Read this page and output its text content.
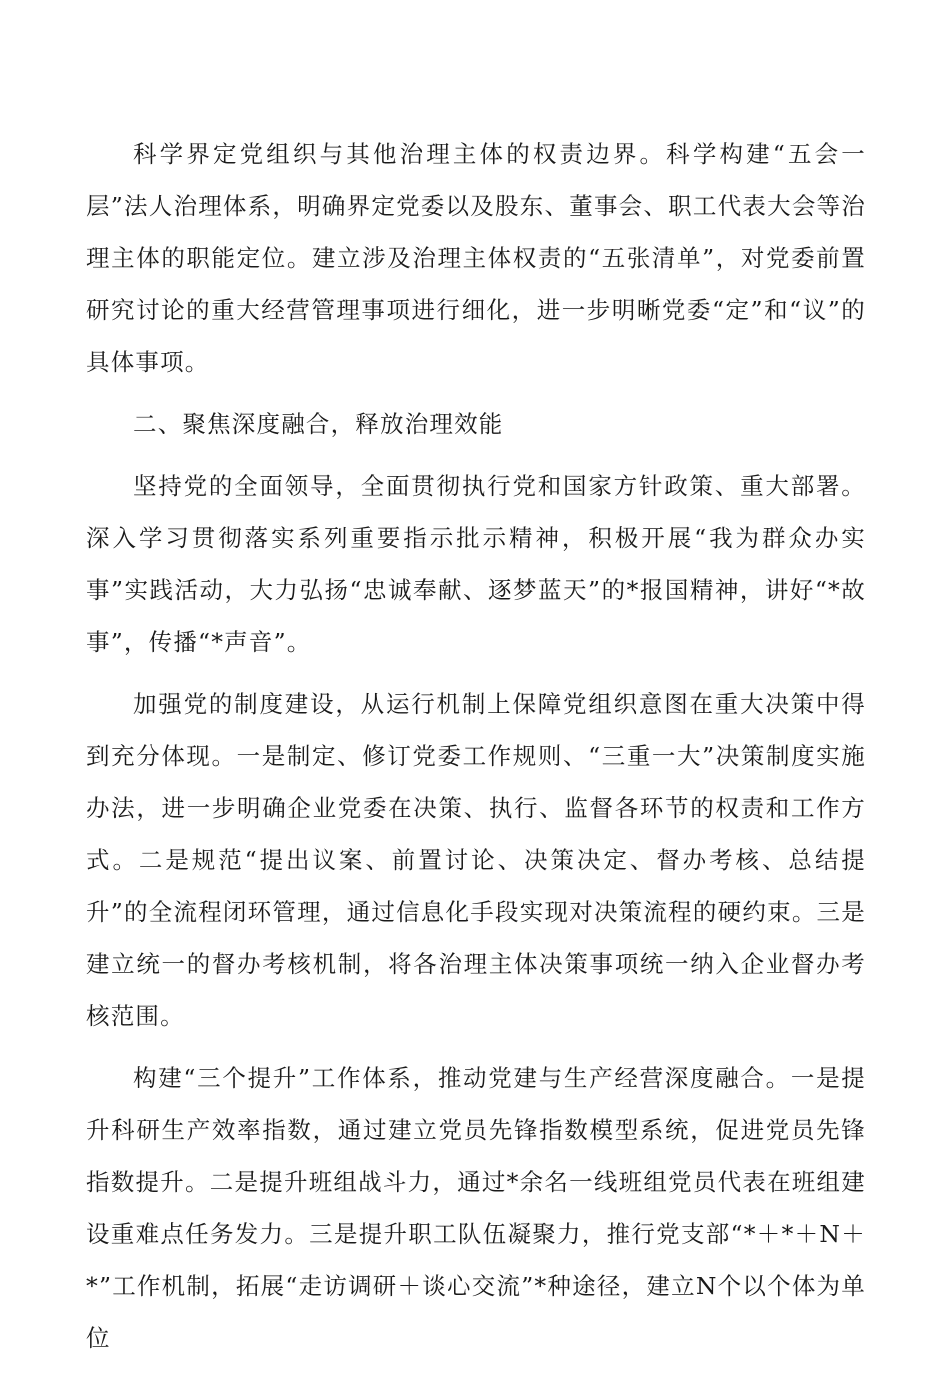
科学界定党组织与其他治理主体的权责边界。科学构建“五会一层”法人治理体系，明确界定党委以及股东、董事会、职工代表大会等治理主体的职能定位。建立涉及治理主体权责的“五张清单”，对党委前置研究讨论的重大经营管理事项进行细化，进一步明晰党委“定”和“议”的具体事项。

二、聚焦深度融合，释放治理效能

坚持党的全面领导，全面贯彻执行党和国家方针政策、重大部署。深入学习贯彻落实系列重要指示批示精神，积极开展“我为群众办实事”实践活动，大力弘扬“忠诚奉献、逐梦蓝天”的*报国精神，讲好“*故事”，传播“*声音”。

加强党的制度建设，从运行机制上保障党组织意图在重大决策中得到充分体现。一是制定、修订党委工作规则、“三重一大”决策制度实施办法，进一步明确企业党委在决策、执行、监督各环节的权责和工作方式。二是规范“提出议案、前置讨论、决策决定、督办考核、总结提升”的全流程闭环管理，通过信息化手段实现对决策流程的硬约束。三是建立统一的督办考核机制，将各治理主体决策事项统一纳入企业督办考核范围。

构建“三个提升”工作体系，推动党建与生产经营深度融合。一是提升科研生产效率指数，通过建立党员先锋指数模型系统，促进党员先锋指数提升。二是提升班组战斗力，通过*余名一线班组党员代表在班组建设重难点任务发力。三是提升职工队伍凝聚力，推行党支部“*＋*＋N＋*”工作机制，拓展“走访调研＋谈心交流”*种途径，建立N个以个体为单位
